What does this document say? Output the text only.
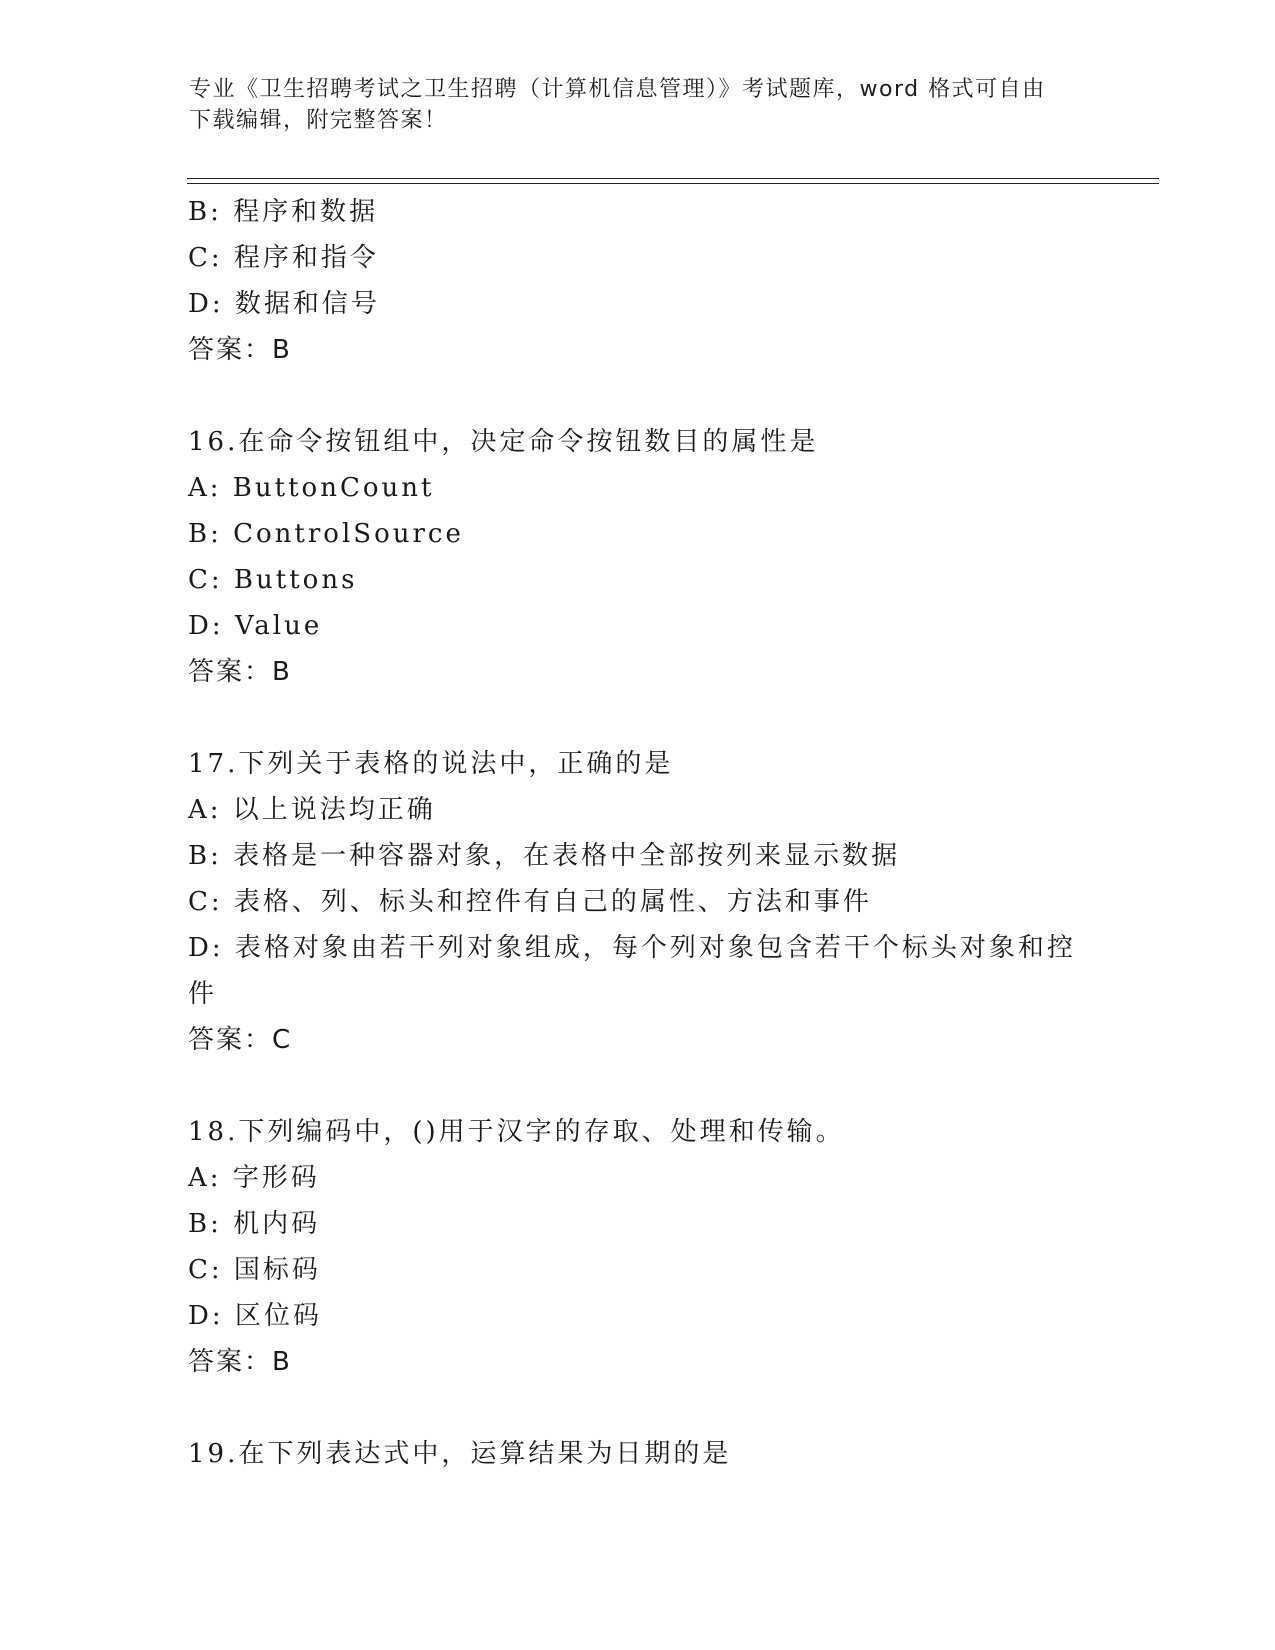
专业《卫生招聘考试之卫生招聘（计算机信息管理）》考试题库，word 格式可自由下载编辑，附完整答案！
B: 程序和数据
C: 程序和指令
D: 数据和信号
答案：B
16.在命令按钮组中，决定命令按钮数目的属性是
A: ButtonCount
B: ControlSource
C: Buttons
D: Value
答案：B
17.下列关于表格的说法中，正确的是
A: 以上说法均正确
B: 表格是一种容器对象，在表格中全部按列来显示数据
C: 表格、列、标头和控件有自己的属性、方法和事件
D: 表格对象由若干列对象组成，每个列对象包含若干个标头对象和控件
答案：C
18.下列编码中，()用于汉字的存取、处理和传输。
A: 字形码
B: 机内码
C: 国标码
D: 区位码
答案：B
19.在下列表达式中，运算结果为日期的是
